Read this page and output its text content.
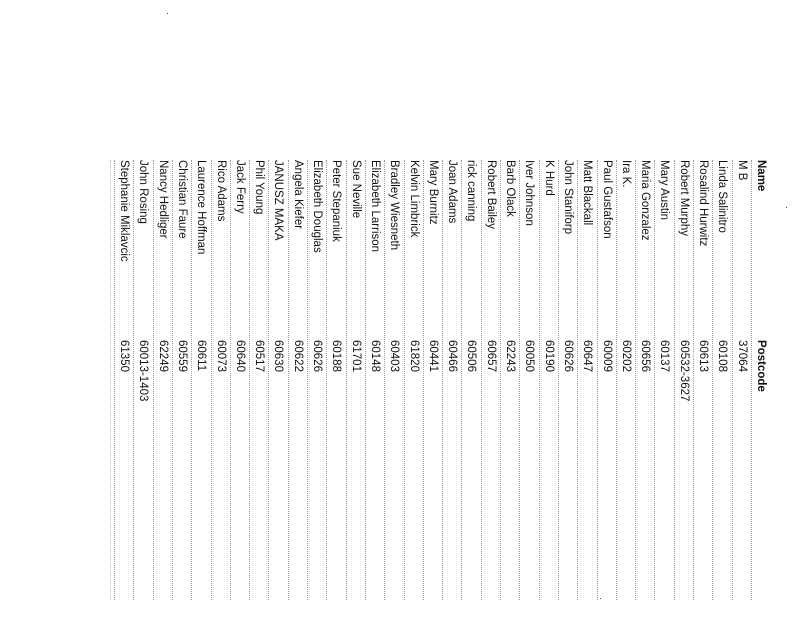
Name
Postcode
M B
37064
Linda Salinitro
60108
Rosalind Hurwitz
60613
Robert Murphy
60532-3627
Mary Austin
60137
Maria Gonzalez
60656
Ira K.
60202
Paul Gustafson
60009
Matt Blackall
60647
John Staniforp
60626
K Hurd
60190
Iver Johnson
60050
Barb Olack
62243
Robert Bailey
60657
rick canning
60506
Joan Adams
60466
Mary Burnitz
60441
Kelvin Limbrick
61820
Bradley Wiesneth
60403
Elizabeth Larrison
60148
Sue Neville
61701
Peter Stepaniuk
60188
Elizabeth Douglas
60626
Angela Kiefer
60622
JANUSZ MAKA
60630
Phil Young
60517
Jack Ferry
60640
Rico Adams
60073
Laurence Hoffman
60611
Christian Faure
60559
Nancy Hedliger
62249
John Rosing
60013-1403
Stephanie Miklavcic
61350
